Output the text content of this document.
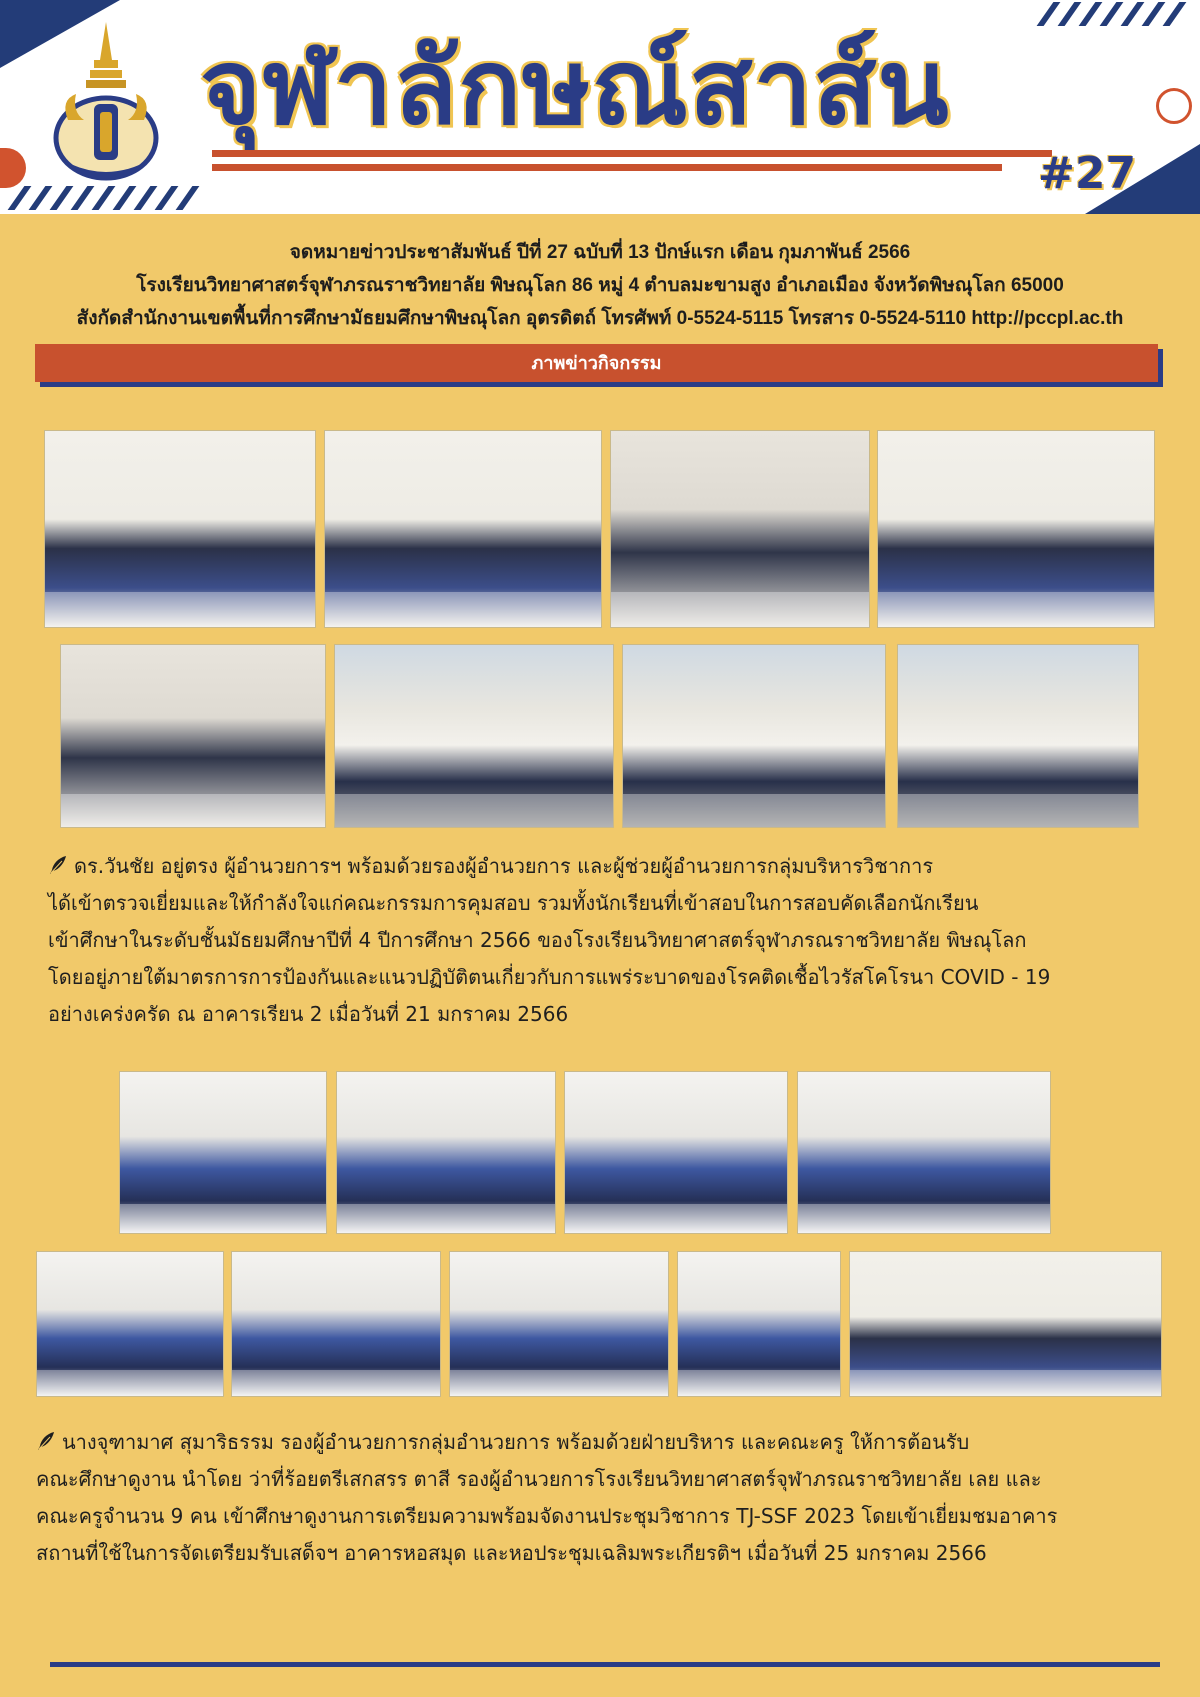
จุฬาลักษณ์สาส์น
#27
จดหมายข่าวประชาสัมพันธ์ ปีที่ 27 ฉบับที่ 13 ปักษ์แรก เดือน กุมภาพันธ์ 2566
โรงเรียนวิทยาศาสตร์จุฬาภรณราชวิทยาลัย พิษณุโลก 86 หมู่ 4 ตำบลมะขามสูง อำเภอเมือง จังหวัดพิษณุโลก 65000
สังกัดสำนักงานเขตพื้นที่การศึกษามัธยมศึกษาพิษณุโลก อุตรดิตถ์ โทรศัพท์ 0-5524-5115 โทรสาร 0-5524-5110 http://pccpl.ac.th
ภาพข่าวกิจกรรม
ดร.วันชัย อยู่ตรง ผู้อำนวยการฯ พร้อมด้วยรองผู้อำนวยการ และผู้ช่วยผู้อำนวยการกลุ่มบริหารวิชาการ
ได้เข้าตรวจเยี่ยมและให้กำลังใจแก่คณะกรรมการคุมสอบ รวมทั้งนักเรียนที่เข้าสอบในการสอบคัดเลือกนักเรียน
เข้าศึกษาในระดับชั้นมัธยมศึกษาปีที่ 4 ปีการศึกษา 2566 ของโรงเรียนวิทยาศาสตร์จุฬาภรณราชวิทยาลัย พิษณุโลก
โดยอยู่ภายใต้มาตรการการป้องกันและแนวปฏิบัติตนเกี่ยวกับการแพร่ระบาดของโรคติดเชื้อไวรัสโคโรนา COVID - 19
อย่างเคร่งครัด ณ อาคารเรียน 2 เมื่อวันที่ 21 มกราคม 2566
นางจุฑามาศ สุมาริธรรม รองผู้อำนวยการกลุ่มอำนวยการ พร้อมด้วยฝ่ายบริหาร และคณะครู ให้การต้อนรับ
คณะศึกษาดูงาน นำโดย ว่าที่ร้อยตรีเสกสรร ตาสี รองผู้อำนวยการโรงเรียนวิทยาศาสตร์จุฬาภรณราชวิทยาลัย เลย และ
คณะครูจำนวน 9 คน เข้าศึกษาดูงานการเตรียมความพร้อมจัดงานประชุมวิชาการ TJ-SSF 2023 โดยเข้าเยี่ยมชมอาคาร
สถานที่ใช้ในการจัดเตรียมรับเสด็จฯ อาคารหอสมุด และหอประชุมเฉลิมพระเกียรติฯ เมื่อวันที่ 25 มกราคม 2566
